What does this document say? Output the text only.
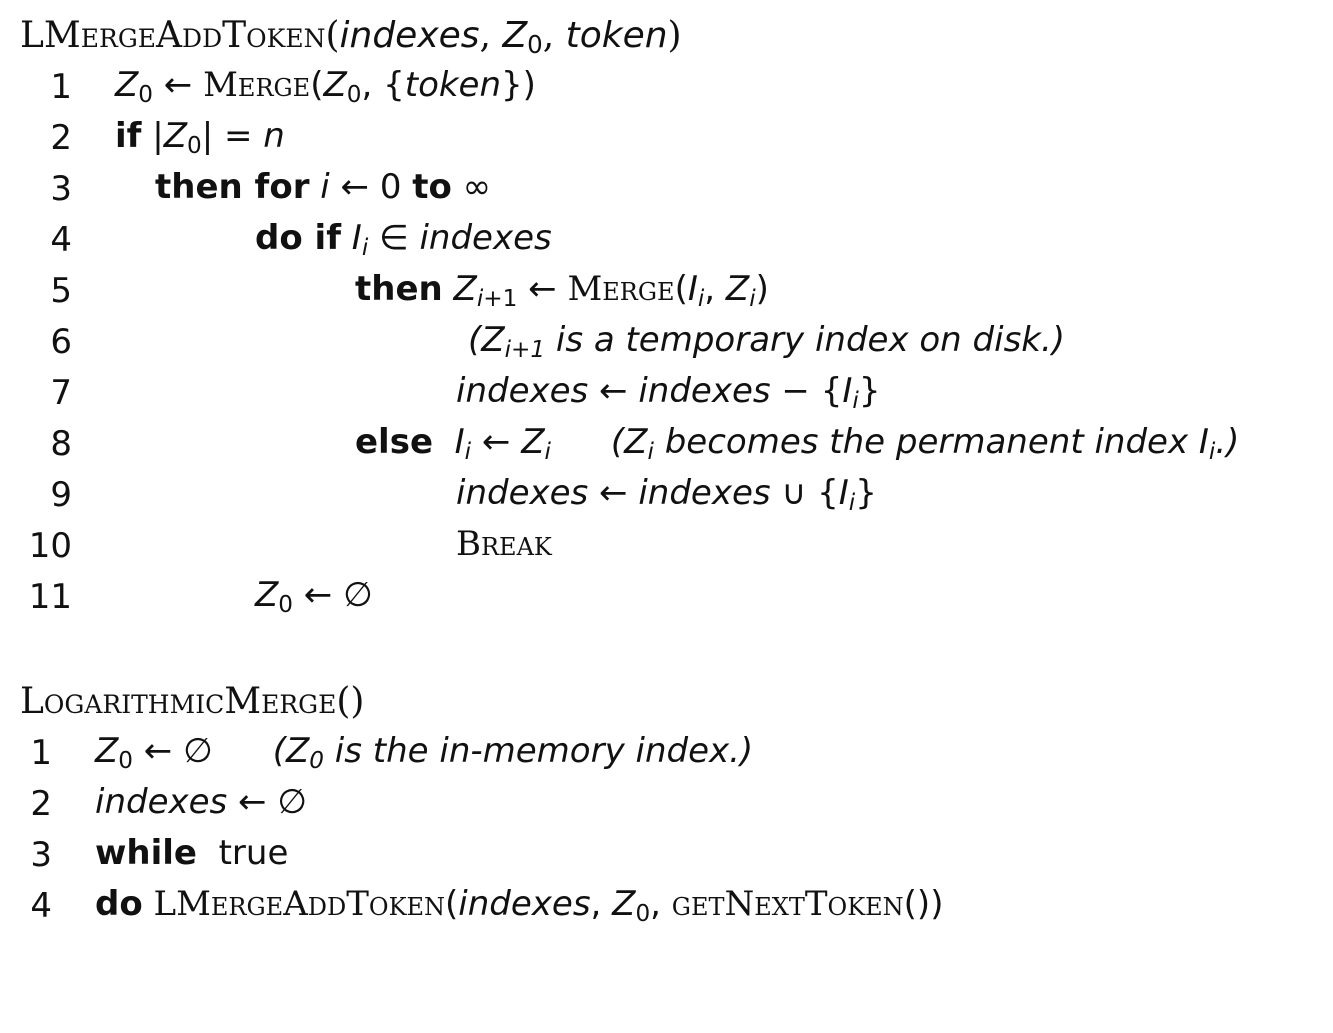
LMergeAddToken(indexes, $Z_0$, token)
1 $Z_0$ ← $Merge(Z_0$, {token})
2 if $|Z_0| = n$
3 then for i ← 0 to ∞
4	do if $I_i$ ∈ indexes
5	then $Z_{i+1}$ ← $Merge(I_i$, $Z_i$)
6	($Z_{i+1}$ is a temporary index on disk.)
7	indexes ← indexes − $\{I_i\}$
8	else $I_i$ ← $Z_i$ ($Z_i$ becomes the permanent index $I_i$.)
9	indexes ← indexes ∪ $\{I_i\}$
10	Break
11	$Z_0$ ← ∅
LogarithmicMerge()
1 $Z_0$ ← ∅ ($Z_0$ is the in-memory index.)
2 indexes ← ∅
3 while  true
4 do LMergeAddToken(indexes, $Z_0$, getNextToken())
